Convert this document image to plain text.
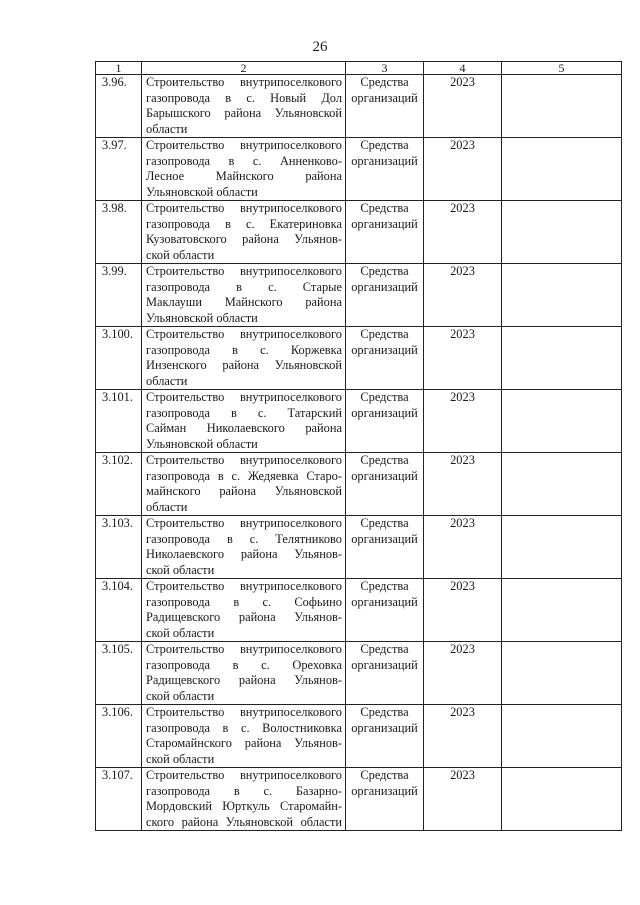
26
1	2	3	4	5
3.96.	Строительство внутрипоселкового
газопровода в с. Новый Дол
Барышского района Ульяновской
области	Средства
организаций	2023	
3.97.	Строительство внутрипоселкового
газопровода в с. Анненково-
Лесное Майнского района
Ульяновской области	Средства
организаций	2023	
3.98.	Строительство внутрипоселкового
газопровода в с. Екатериновка
Кузоватовского района Ульянов-
ской области	Средства
организаций	2023	
3.99.	Строительство внутрипоселкового
газопровода в с. Старые
Маклауши Майнского района
Ульяновской области	Средства
организаций	2023	
3.100.	Строительство внутрипоселкового
газопровода в с. Коржевка
Инзенского района Ульяновской
области	Средства
организаций	2023	
3.101.	Строительство внутрипоселкового
газопровода в с. Татарский
Сайман Николаевского района
Ульяновской области	Средства
организаций	2023	
3.102.	Строительство внутрипоселкового
газопровода в с. Жедяевка Старо-
майнского района Ульяновской
области	Средства
организаций	2023	
3.103.	Строительство внутрипоселкового
газопровода в с. Телятниково
Николаевского района Ульянов-
ской области	Средства
организаций	2023	
3.104.	Строительство внутрипоселкового
газопровода в с. Софьино
Радищевского района Ульянов-
ской области	Средства
организаций	2023	
3.105.	Строительство внутрипоселкового
газопровода в с. Ореховка
Радищевского района Ульянов-
ской области	Средства
организаций	2023	
3.106.	Строительство внутрипоселкового
газопровода в с. Волостниковка
Старомайнского района Ульянов-
ской области	Средства
организаций	2023	
3.107.	Строительство внутрипоселкового
газопровода в с. Базарно-
Мордовский Юрткуль Старомайн-
ского района Ульяновской области	Средства
организаций	2023	
